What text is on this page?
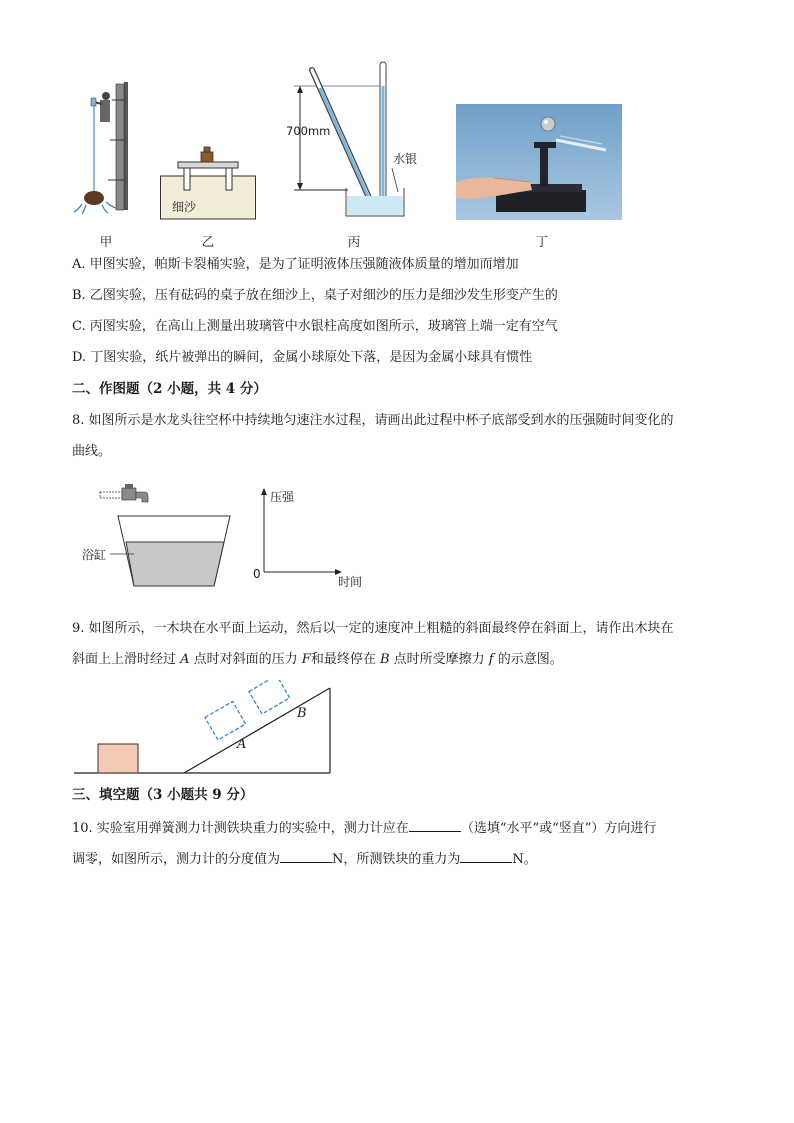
甲
细沙
乙
700mm
水银
丙	丁
A. 甲图实验，帕斯卡裂桶实验，是为了证明液体压强随液体质量的增加而增加
B. 乙图实验，压有砝码的桌子放在细沙上，桌子对细沙的压力是细沙发生形变产生的
C. 丙图实验，在高山上测量出玻璃管中水银柱高度如图所示，玻璃管上端一定有空气
D. 丁图实验，纸片被弹出的瞬间，金属小球原处下落，是因为金属小球具有惯性
二、作图题（2 小题，共 4 分）
8. 如图所示是水龙头往空杯中持续地匀速注水过程，请画出此过程中杯子底部受到水的压强随时间变化的
曲线。
浴缸
压强
时间
0
9. 如图所示，一木块在水平面上运动，然后以一定的速度冲上粗糙的斜面最终停在斜面上，请作出木块在
斜面上上滑时经过 A 点时对斜面的压力 F和最终停在 B 点时所受摩擦力 f 的示意图。
A
B
三、填空题（3 小题共 9 分）
10. 实验室用弹簧测力计测铁块重力的实验中，测力计应在	（选填“水平”或“竖直”）方向进行
调零，如图所示，测力计的分度值为	N，所测铁块的重力为	N。
